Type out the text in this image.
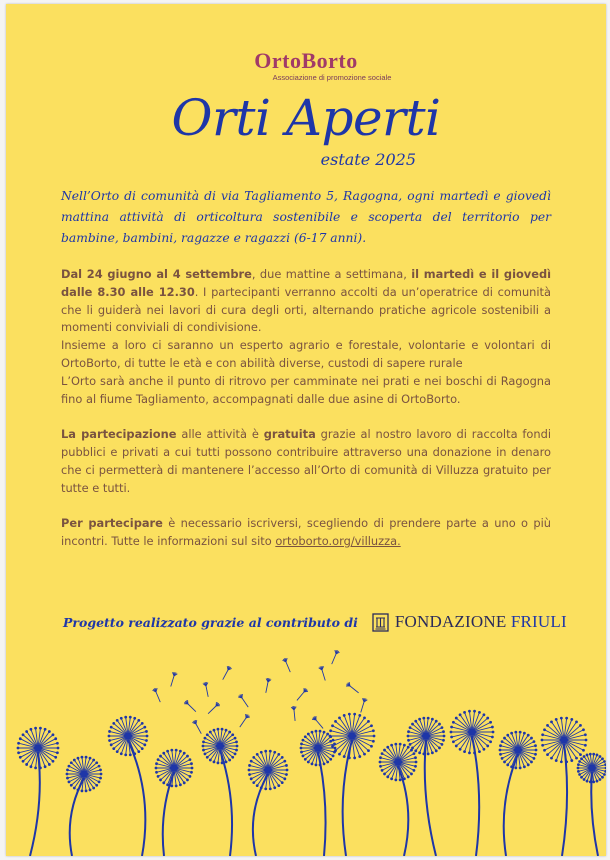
OrtoBorto
Associazione di promozione sociale
Orti Aperti
estate 2025
Nell’Orto di comunità di via Tagliamento 5, Ragogna, ogni martedì e giovedì mattina attività di orticoltura sostenibile e scoperta del territorio per bambine, bambini, ragazze e ragazzi (6-17 anni).

Dal 24 giugno al 4 settembre, due mattine a settimana, il martedì e il giovedì dalle 8.30 alle 12.30. I partecipanti verranno accolti da un’operatrice di comunità che li guiderà nei lavori di cura degli orti, alternando pratiche agricole sostenibili a momenti conviviali di condivisione.

Insieme a loro ci saranno un esperto agrario e forestale, volontarie e volontari di OrtoBorto, di tutte le età e con abilità diverse, custodi di sapere rurale

L’Orto sarà anche il punto di ritrovo per camminate nei prati e nei boschi di Ragogna fino al fiume Tagliamento, accompagnati dalle due asine di OrtoBorto.

La partecipazione alle attività è gratuita grazie al nostro lavoro di raccolta fondi pubblici e privati a cui tutti possono contribuire attraverso una donazione in denaro che ci permetterà di mantenere l’accesso all’Orto di comunità di Villuzza gratuito per tutte e tutti.

Per partecipare è necessario iscriversi, scegliendo di prendere parte a uno o più incontri. Tutte le informazioni sul sito ortoborto.org/villuzza.

Progetto realizzato grazie al contributo di FONDAZIONE FRIULI
